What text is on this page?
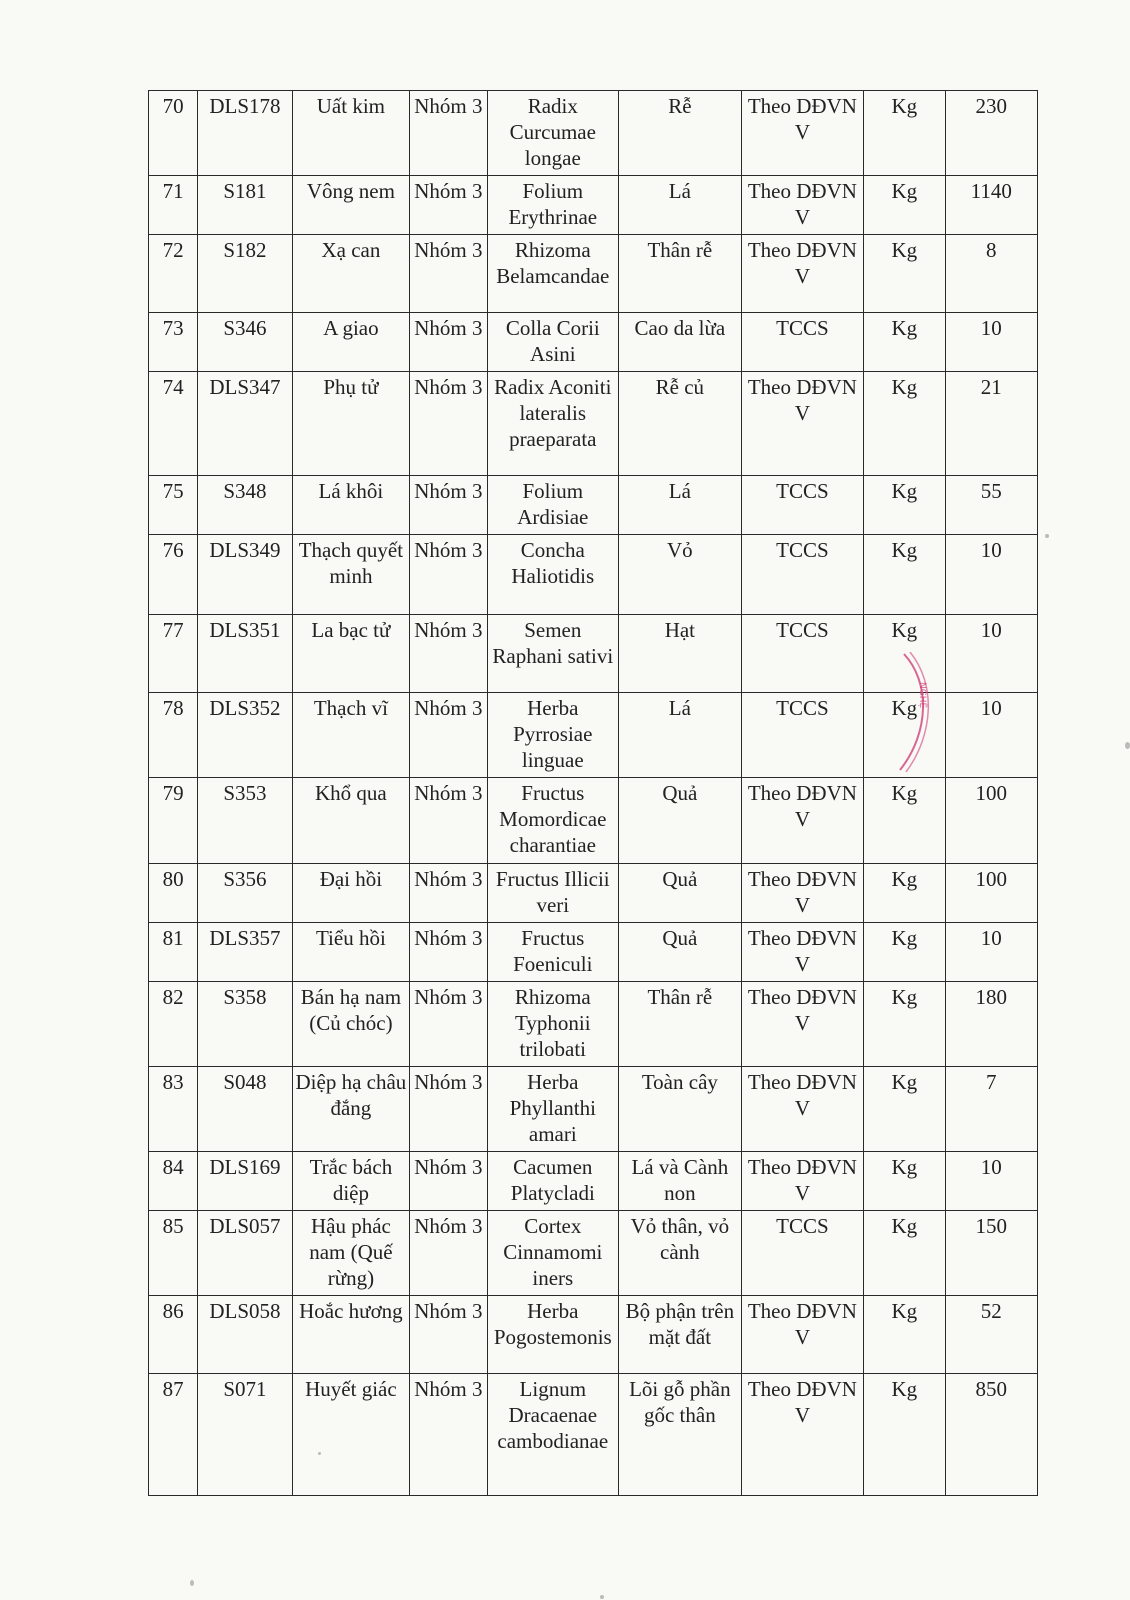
70	DLS178	Uất kim	Nhóm 3	Radix Curcumae longae	Rễ	Theo DĐVN V	Kg	230
71	S181	Vông nem	Nhóm 3	Folium Erythrinae	Lá	Theo DĐVN V	Kg	1140
72	S182	Xạ can	Nhóm 3	Rhizoma Belamcandae	Thân rễ	Theo DĐVN V	Kg	8
73	S346	A giao	Nhóm 3	Colla Corii Asini	Cao da lừa	TCCS	Kg	10
74	DLS347	Phụ tử	Nhóm 3	Radix Aconiti lateralis praeparata	Rễ củ	Theo DĐVN V	Kg	21
75	S348	Lá khôi	Nhóm 3	Folium Ardisiae	Lá	TCCS	Kg	55
76	DLS349	Thạch quyết minh	Nhóm 3	Concha Haliotidis	Vỏ	TCCS	Kg	10
77	DLS351	La bạc tử	Nhóm 3	Semen Raphani sativi	Hạt	TCCS	Kg	10
78	DLS352	Thạch vĩ	Nhóm 3	Herba Pyrrosiae linguae	Lá	TCCS	Kg	10
79	S353	Khổ qua	Nhóm 3	Fructus Momordicae charantiae	Quả	Theo DĐVN V	Kg	100
80	S356	Đại hồi	Nhóm 3	Fructus Illicii veri	Quả	Theo DĐVN V	Kg	100
81	DLS357	Tiểu hồi	Nhóm 3	Fructus Foeniculi	Quả	Theo DĐVN V	Kg	10
82	S358	Bán hạ nam (Củ chóc)	Nhóm 3	Rhizoma Typhonii trilobati	Thân rễ	Theo DĐVN V	Kg	180
83	S048	Diệp hạ châu đắng	Nhóm 3	Herba Phyllanthi amari	Toàn cây	Theo DĐVN V	Kg	7
84	DLS169	Trắc bách diệp	Nhóm 3	Cacumen Platycladi	Lá và Cành non	Theo DĐVN V	Kg	10
85	DLS057	Hậu phác nam (Quế rừng)	Nhóm 3	Cortex Cinnamomi iners	Vỏ thân, vỏ cành	TCCS	Kg	150
86	DLS058	Hoắc hương	Nhóm 3	Herba Pogostemonis	Bộ phận trên mặt đất	Theo DĐVN V	Kg	52
87	S071	Huyết giác	Nhóm 3	Lignum Dracaenae cambodianae	Lõi gỗ phần gốc thân	Theo DĐVN V	Kg	850
NGHỆ
